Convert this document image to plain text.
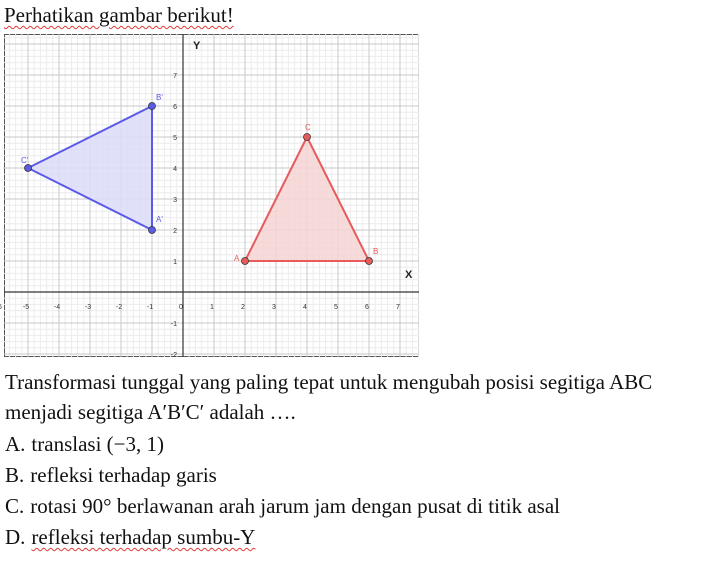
Perhatikan gambar berikut!

X
Y
-5	-4	-3	-2	-1	0	1	2	3	4	5	6	7
7
6
5
4
3
2
1
-1
-2
A
B
C
A'
B'
C'

Transformasi tunggal yang paling tepat untuk mengubah posisi segitiga ABC menjadi segitiga A′B′C′ adalah ….

A. translasi (−3, 1)
B. refleksi terhadap garis
C. rotasi 90° berlawanan arah jarum jam dengan pusat di titik asal
D. refleksi terhadap sumbu-Y
